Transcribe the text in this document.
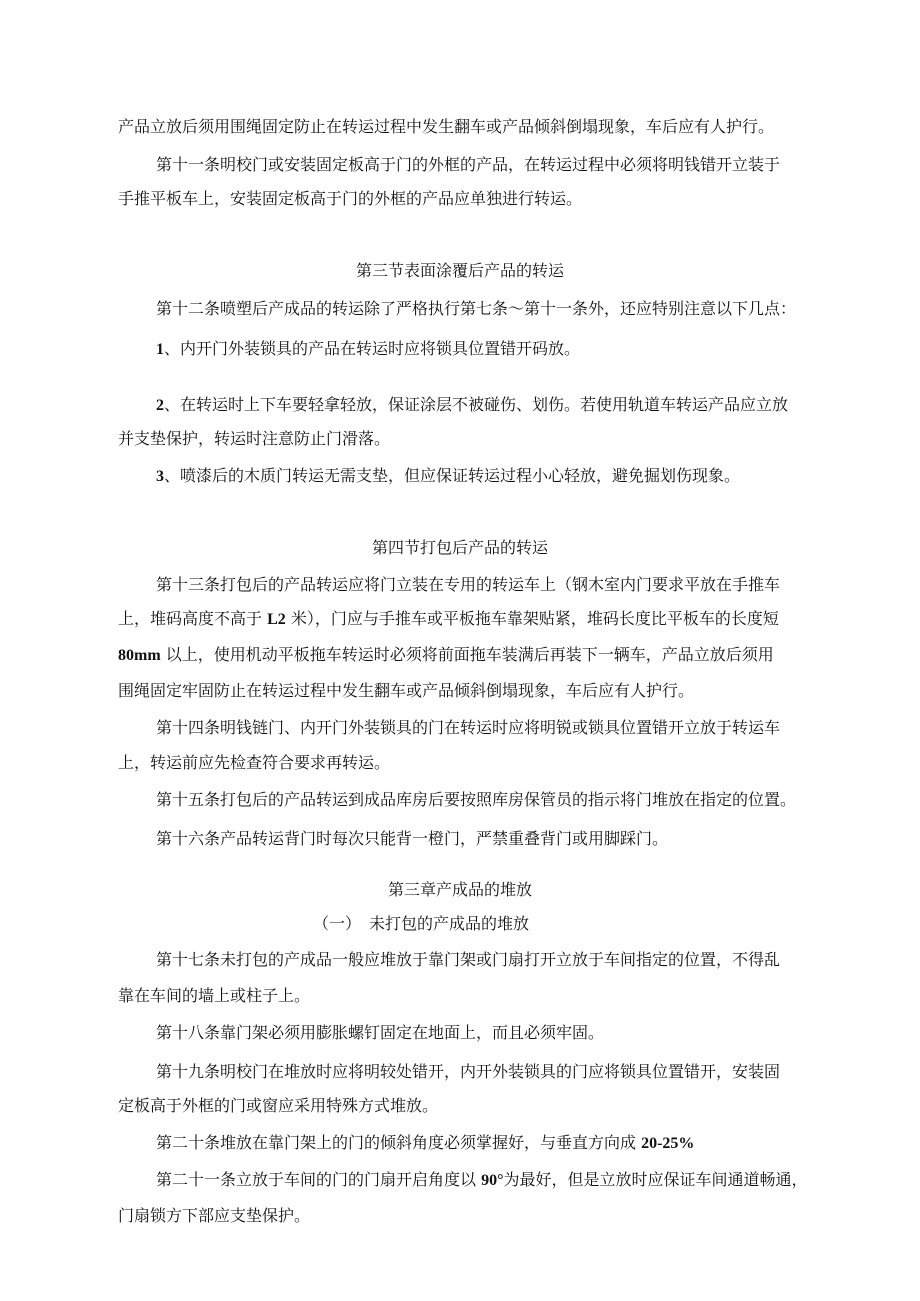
产品立放后须用围绳固定防止在转运过程中发生翻车或产品倾斜倒塌现象，车后应有人护行。
第十一条明校门或安装固定板高于门的外框的产品，在转运过程中必须将明钱错开立装于
手推平板车上，安装固定板高于门的外框的产品应单独进行转运。
第三节表面涂覆后产品的转运
第十二条喷塑后产成品的转运除了严格执行第七条～第十一条外，还应特别注意以下几点：
1、内开门外装锁具的产品在转运时应将锁具位置错开码放。
2、在转运时上下车要轻拿轻放，保证涂层不被碰伤、划伤。若使用轨道车转运产品应立放
并支垫保护，转运时注意防止门滑落。
3、喷漆后的木质门转运无需支垫，但应保证转运过程小心轻放，避免掘划伤现象。
第四节打包后产品的转运
第十三条打包后的产品转运应将门立装在专用的转运车上（钢木室内门要求平放在手推车
上，堆码高度不高于 L2 米），门应与手推车或平板拖车靠架贴紧，堆码长度比平板车的长度短
80mm 以上，使用机动平板拖车转运时必须将前面拖车装满后再装下一辆车，产品立放后须用
围绳固定牢固防止在转运过程中发生翻车或产品倾斜倒塌现象，车后应有人护行。
第十四条明钱链门、内开门外装锁具的门在转运时应将明锐或锁具位置错开立放于转运车
上，转运前应先检查符合要求再转运。
第十五条打包后的产品转运到成品库房后要按照库房保管员的指示将门堆放在指定的位置。
第十六条产品转运背门时每次只能背一橙门，严禁重叠背门或用脚踩门。
第三章产成品的堆放
（一） 未打包的产成品的堆放
第十七条未打包的产成品一般应堆放于靠门架或门扇打开立放于车间指定的位置，不得乱
靠在车间的墙上或柱子上。
第十八条靠门架必须用膨胀螺钉固定在地面上，而且必须牢固。
第十九条明校门在堆放时应将明较处错开，内开外装锁具的门应将锁具位置错开，安装固
定板高于外框的门或窗应采用特殊方式堆放。
第二十条堆放在靠门架上的门的倾斜角度必须掌握好，与垂直方向成 20-25%
第二十一条立放于车间的门的门扇开启角度以 90°为最好，但是立放时应保证车间通道畅通，
门扇锁方下部应支垫保护。
